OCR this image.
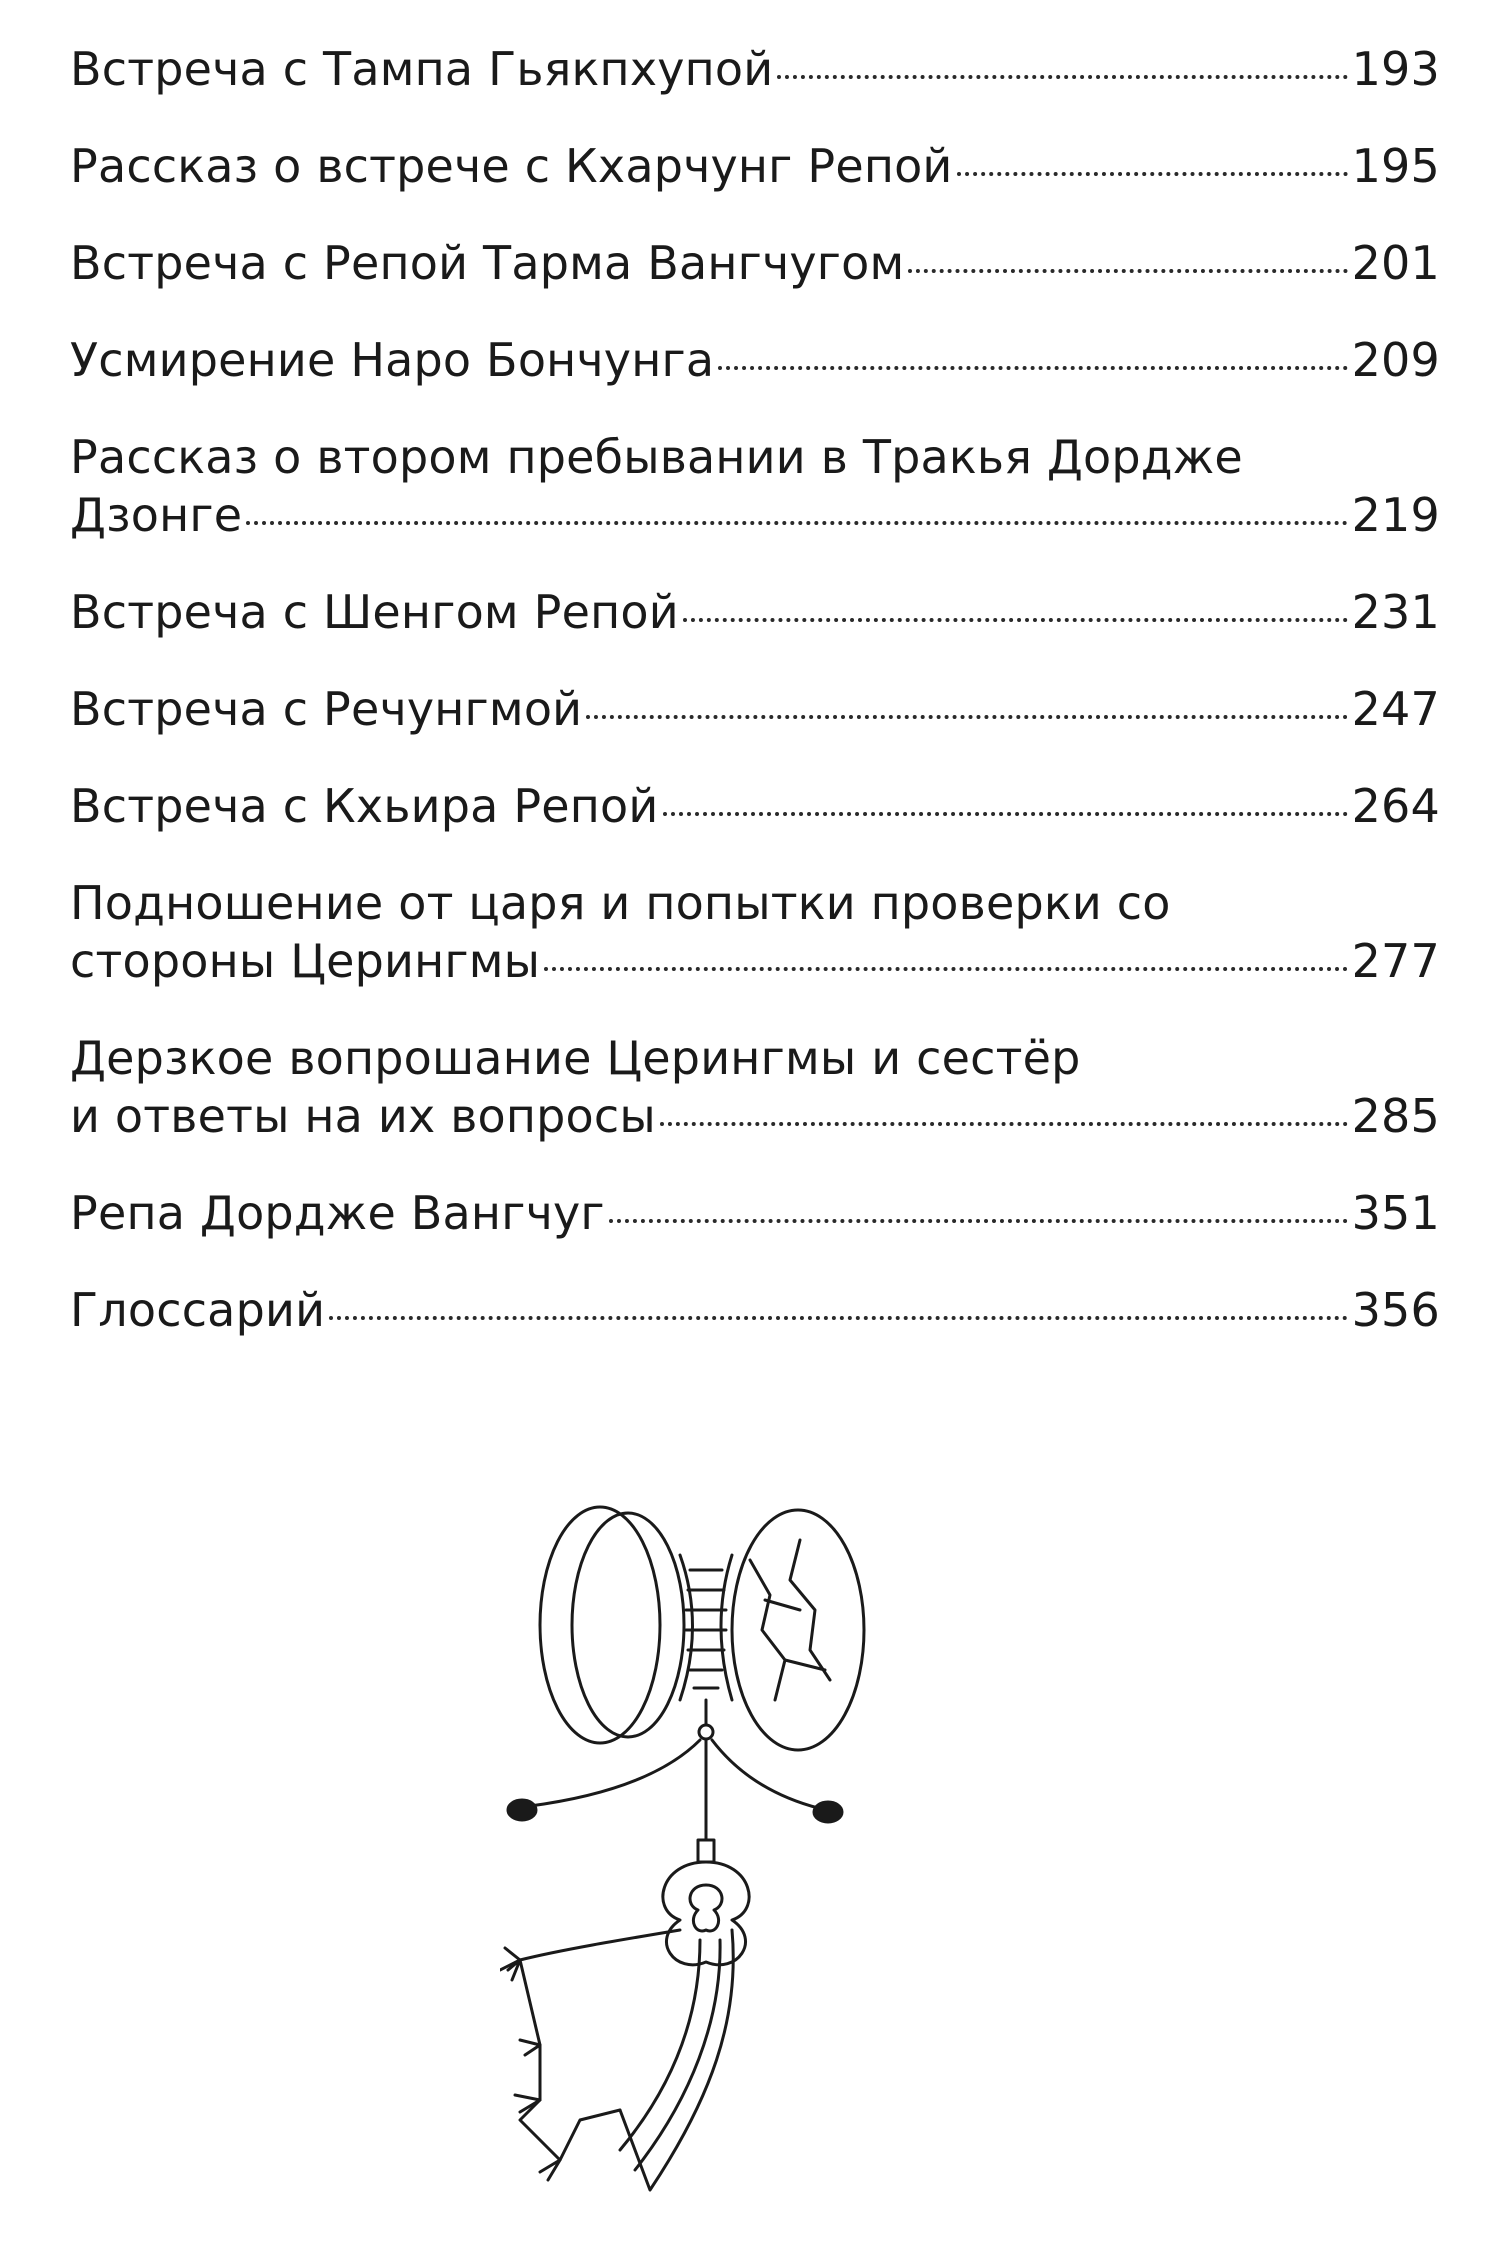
Встреча с Тампа Гьякпхупой	193
Рассказ о встрече с Кхарчунг Репой	195
Встреча с Репой Тарма Вангчугом	201
Усмирение Наро Бончунга	209
Рассказ о втором пребывании в Тракья Дордже
Дзонге	219
Встреча с Шенгом Репой	231
Встреча с Речунгмой	247
Встреча с Кхьира Репой	264
Подношение от царя и попытки проверки со
стороны Церингмы	277
Дерзкое вопрошание Церингмы и сестёр
и ответы на их вопросы	285
Репа Дордже Вангчуг	351
Глоссарий	356
